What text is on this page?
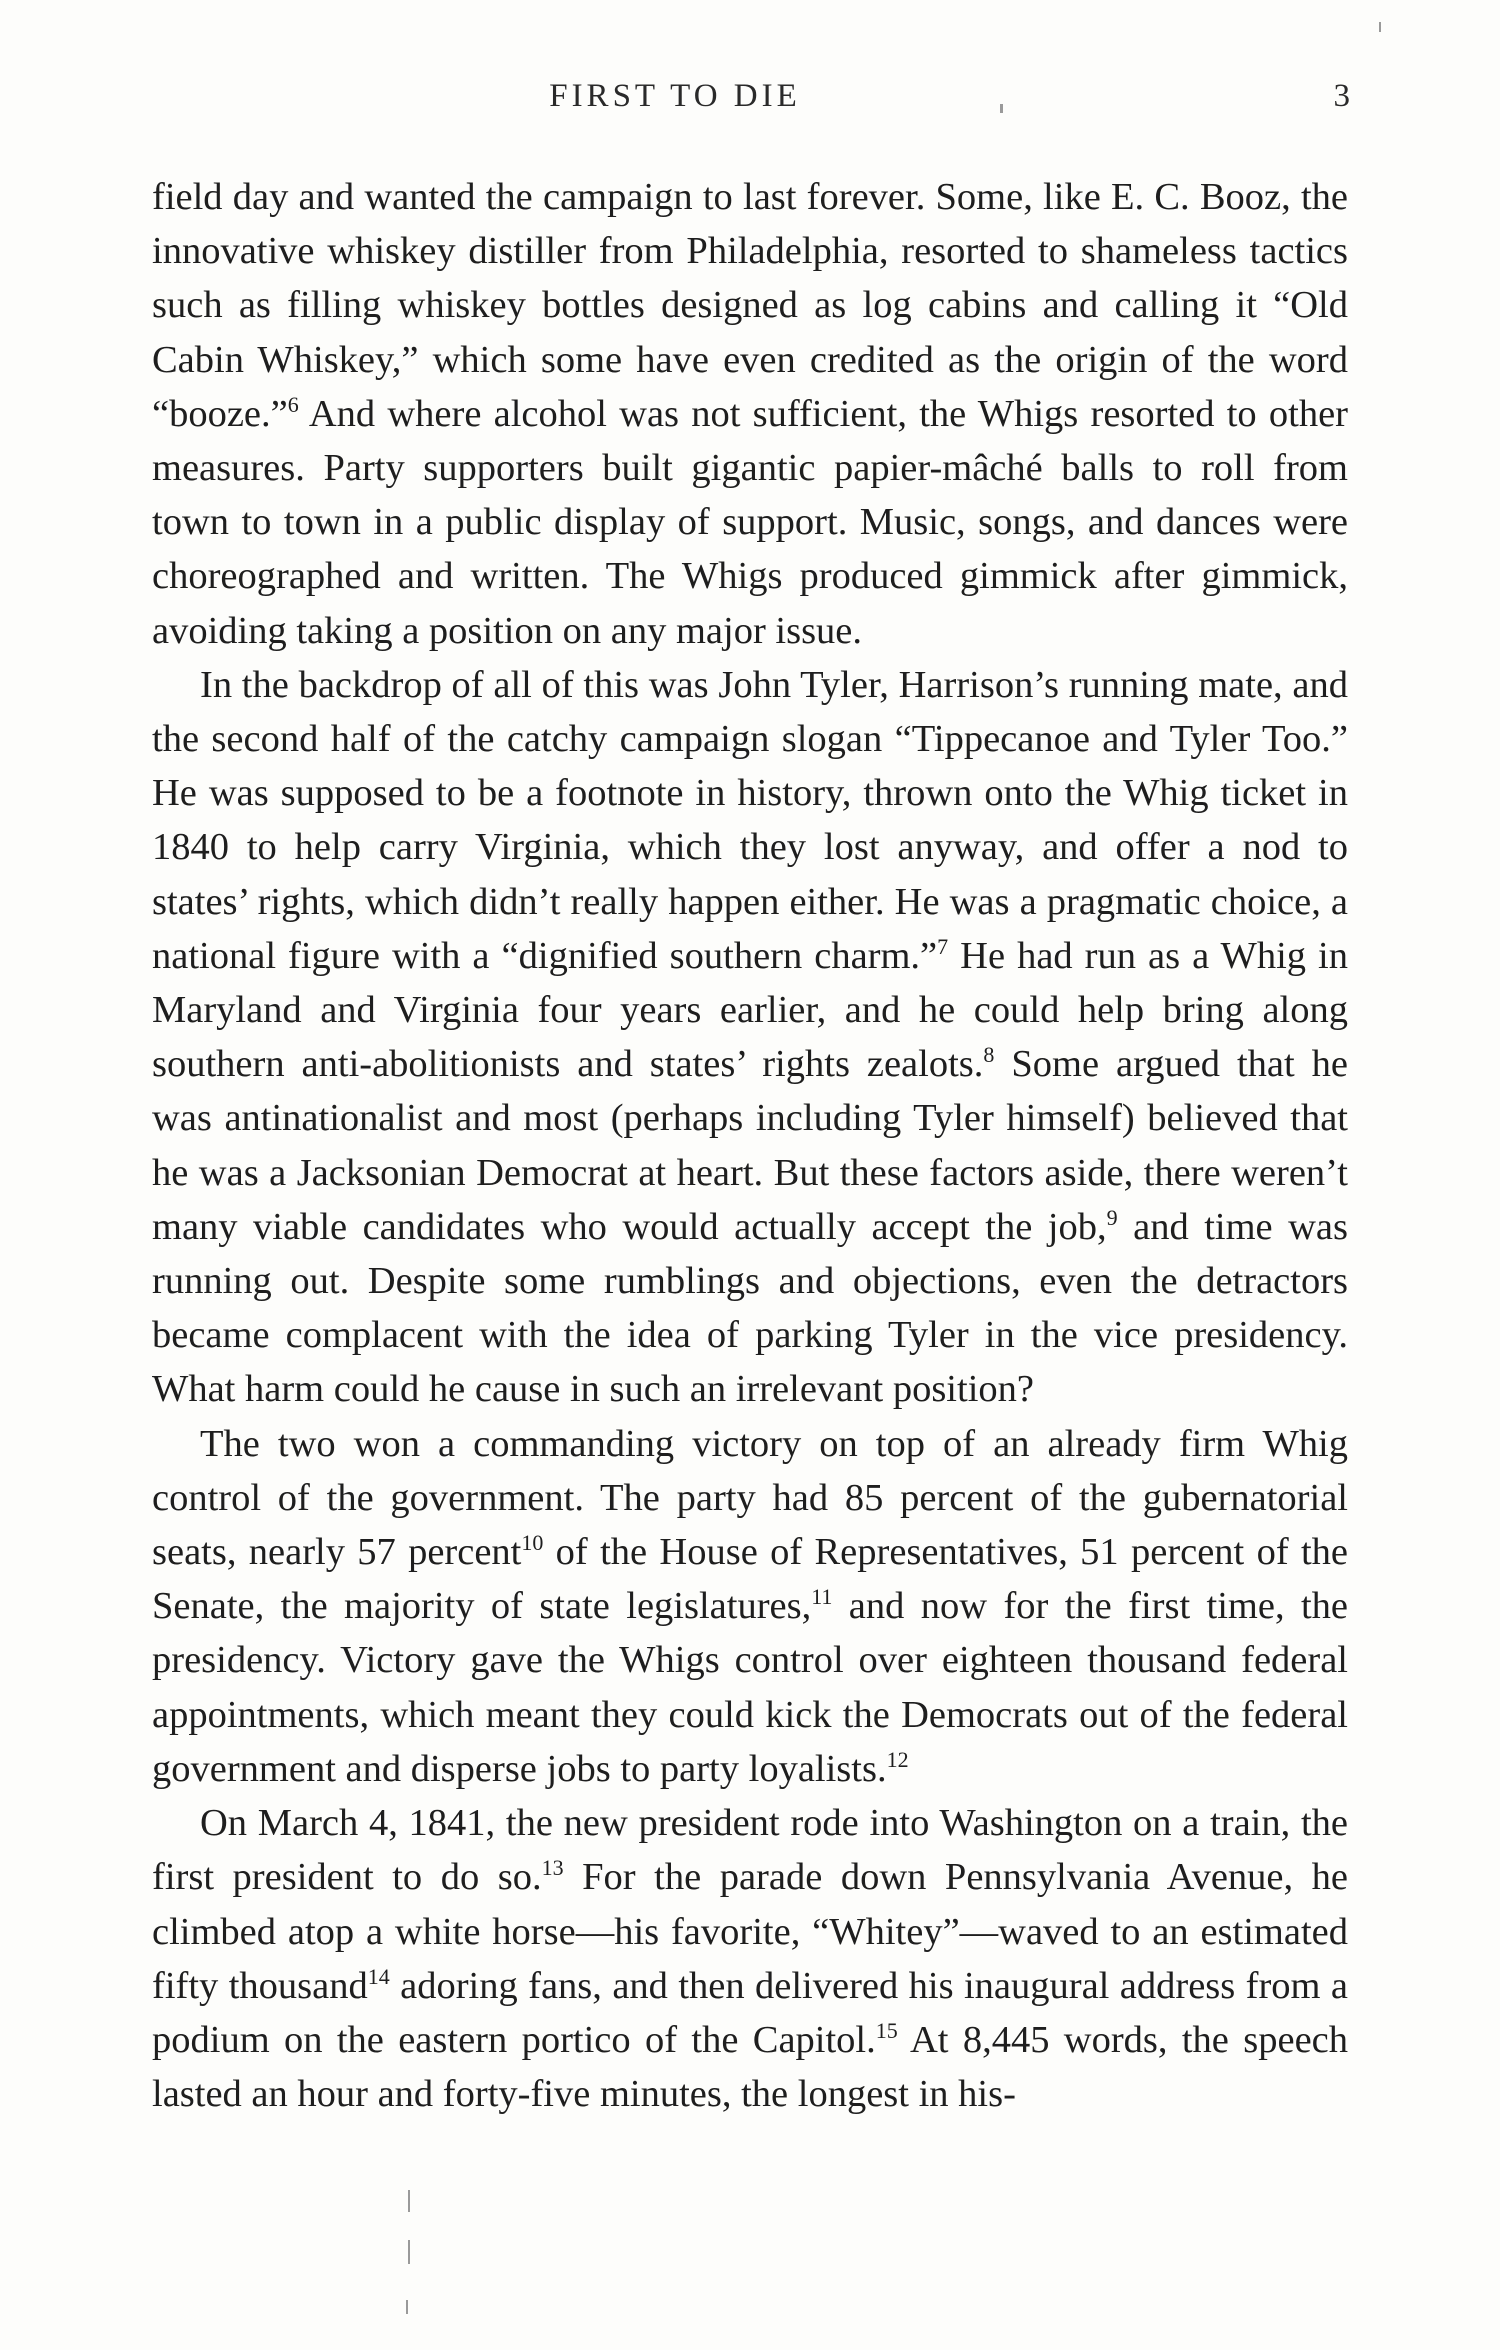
FIRST TO DIE	3

field day and wanted the campaign to last forever. Some, like E. C. Booz, the innovative whiskey distiller from Philadelphia, resorted to shameless tactics such as filling whiskey bottles designed as log cabins and calling it “Old Cabin Whiskey,” which some have even credited as the origin of the word “booze.”$^6$ And where alcohol was not sufficient, the Whigs resorted to other measures. Party supporters built gigantic papier-mâché balls to roll from town to town in a public display of support. Music, songs, and dances were choreographed and written. The Whigs produced gimmick after gimmick, avoiding taking a position on any major issue.

In the backdrop of all of this was John Tyler, Harrison’s running mate, and the second half of the catchy campaign slogan “Tippecanoe and Tyler Too.” He was supposed to be a footnote in history, thrown onto the Whig ticket in 1840 to help carry Virginia, which they lost anyway, and offer a nod to states’ rights, which didn’t really happen either. He was a pragmatic choice, a national figure with a “dignified southern charm.”$^7$ He had run as a Whig in Maryland and Virginia four years earlier, and he could help bring along southern anti-abolitionists and states’ rights zealots.$^8$ Some argued that he was antinationalist and most (perhaps including Tyler himself) believed that he was a Jacksonian Democrat at heart. But these factors aside, there weren’t many viable candidates who would actually accept the job,$^9$ and time was running out. Despite some rumblings and objections, even the detractors became complacent with the idea of parking Tyler in the vice presidency. What harm could he cause in such an irrelevant position?

The two won a commanding victory on top of an already firm Whig control of the government. The party had 85 percent of the gubernatorial seats, nearly 57 percent$^{10}$ of the House of Representatives, 51 percent of the Senate, the majority of state legislatures,$^{11}$ and now for the first time, the presidency. Victory gave the Whigs control over eighteen thousand federal appointments, which meant they could kick the Democrats out of the federal government and disperse jobs to party loyalists.$^{12}$

On March 4, 1841, the new president rode into Washington on a train, the first president to do so.$^{13}$ For the parade down Pennsylvania Avenue, he climbed atop a white horse—his favorite, “Whitey”—waved to an estimated fifty thousand$^{14}$ adoring fans, and then delivered his inaugural address from a podium on the eastern portico of the Capitol.$^{15}$ At 8,445 words, the speech lasted an hour and forty-five minutes, the longest in his-
